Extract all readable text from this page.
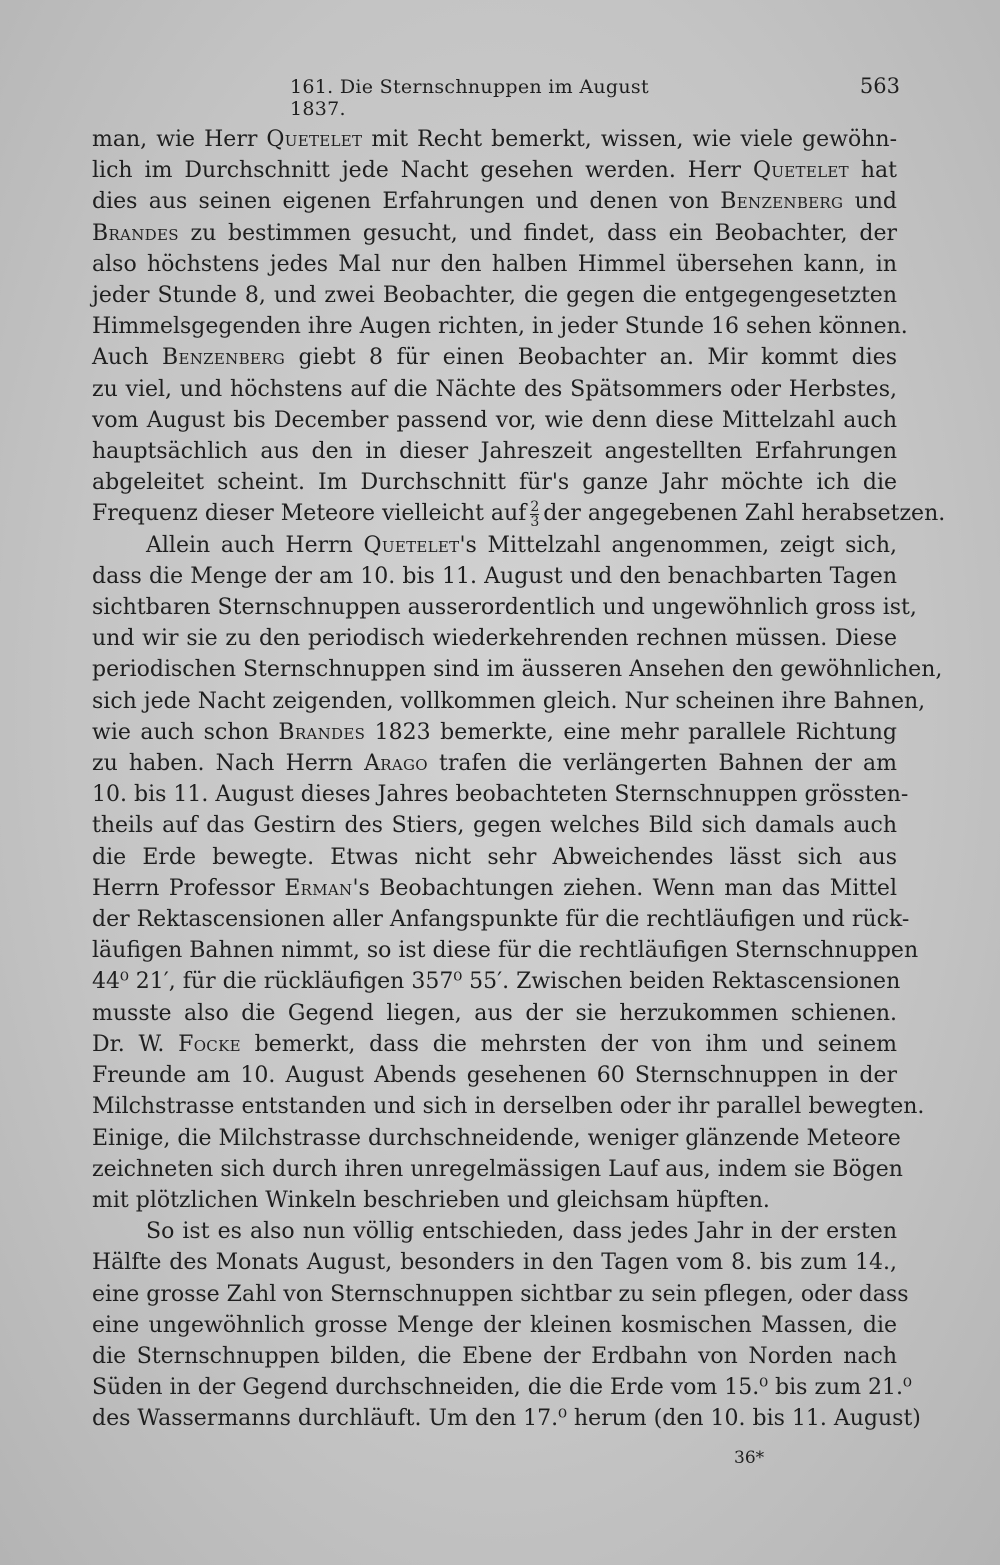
161. Die Sternschnuppen im August 1837.
563
man, wie Herr Quetelet mit Recht bemerkt, wissen, wie viele gewöhn-
lich im Durchschnitt jede Nacht gesehen werden. Herr Quetelet hat
dies aus seinen eigenen Erfahrungen und denen von Benzenberg und
Brandes zu bestimmen gesucht, und findet, dass ein Beobachter, der
also höchstens jedes Mal nur den halben Himmel übersehen kann, in
jeder Stunde 8, und zwei Beobachter, die gegen die entgegengesetzten
Himmelsgegenden ihre Augen richten, in jeder Stunde 16 sehen können.
Auch Benzenberg giebt 8 für einen Beobachter an. Mir kommt dies
zu viel, und höchstens auf die Nächte des Spätsommers oder Herbstes,
vom August bis December passend vor, wie denn diese Mittelzahl auch
hauptsächlich aus den in dieser Jahreszeit angestellten Erfahrungen
abgeleitet scheint. Im Durchschnitt für's ganze Jahr möchte ich die
Frequenz dieser Meteore vielleicht auf $\frac{2}{3}$ der angegebenen Zahl herabsetzen.
Allein auch Herrn Quetelet's Mittelzahl angenommen, zeigt sich,
dass die Menge der am 10. bis 11. August und den benachbarten Tagen
sichtbaren Sternschnuppen ausserordentlich und ungewöhnlich gross ist,
und wir sie zu den periodisch wiederkehrenden rechnen müssen. Diese
periodischen Sternschnuppen sind im äusseren Ansehen den gewöhnlichen,
sich jede Nacht zeigenden, vollkommen gleich. Nur scheinen ihre Bahnen,
wie auch schon Brandes 1823 bemerkte, eine mehr parallele Richtung
zu haben. Nach Herrn Arago trafen die verlängerten Bahnen der am
10. bis 11. August dieses Jahres beobachteten Sternschnuppen grössten-
theils auf das Gestirn des Stiers, gegen welches Bild sich damals auch
die Erde bewegte. Etwas nicht sehr Abweichendes lässt sich aus
Herrn Professor Erman's Beobachtungen ziehen. Wenn man das Mittel
der Rektascensionen aller Anfangspunkte für die rechtläufigen und rück-
läufigen Bahnen nimmt, so ist diese für die rechtläufigen Sternschnuppen
44⁰ 21′, für die rückläufigen 357⁰ 55′. Zwischen beiden Rektascensionen
musste also die Gegend liegen, aus der sie herzukommen schienen.
Dr. W. Focke bemerkt, dass die mehrsten der von ihm und seinem
Freunde am 10. August Abends gesehenen 60 Sternschnuppen in der
Milchstrasse entstanden und sich in derselben oder ihr parallel bewegten.
Einige, die Milchstrasse durchschneidende, weniger glänzende Meteore
zeichneten sich durch ihren unregelmässigen Lauf aus, indem sie Bögen
mit plötzlichen Winkeln beschrieben und gleichsam hüpften.
So ist es also nun völlig entschieden, dass jedes Jahr in der ersten
Hälfte des Monats August, besonders in den Tagen vom 8. bis zum 14.,
eine grosse Zahl von Sternschnuppen sichtbar zu sein pflegen, oder dass
eine ungewöhnlich grosse Menge der kleinen kosmischen Massen, die
die Sternschnuppen bilden, die Ebene der Erdbahn von Norden nach
Süden in der Gegend durchschneiden, die die Erde vom 15.⁰ bis zum 21.⁰
des Wassermanns durchläuft. Um den 17.⁰ herum (den 10. bis 11. August)
36*
